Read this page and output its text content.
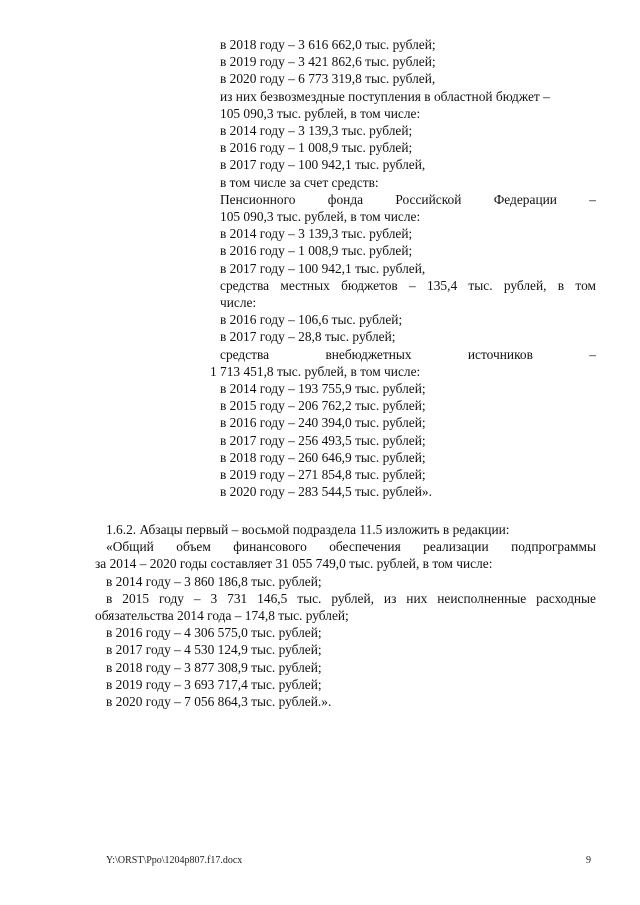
в 2018 году – 3 616 662,0 тыс. рублей;
в 2019 году – 3 421 862,6 тыс. рублей;
в 2020 году – 6 773 319,8 тыс. рублей,
из них безвозмездные поступления в областной бюджет –
105 090,3 тыс. рублей, в том числе:
в 2014 году – 3 139,3 тыс. рублей;
в 2016 году – 1 008,9 тыс. рублей;
в 2017 году – 100 942,1 тыс. рублей,
в том числе за счет средств:
Пенсионного фонда Российской Федерации –
105 090,3 тыс. рублей, в том числе:
в 2014 году – 3 139,3 тыс. рублей;
в 2016 году – 1 008,9 тыс. рублей;
в 2017 году – 100 942,1 тыс. рублей,
средства местных бюджетов – 135,4 тыс. рублей, в том
числе:
в 2016 году – 106,6 тыс. рублей;
в 2017 году – 28,8 тыс. рублей;
средства	внебюджетных	источников	–
1 713 451,8 тыс. рублей, в том числе:
в 2014 году – 193 755,9 тыс. рублей;
в 2015 году – 206 762,2 тыс. рублей;
в 2016 году – 240 394,0 тыс. рублей;
в 2017 году – 256 493,5 тыс. рублей;
в 2018 году – 260 646,9 тыс. рублей;
в 2019 году – 271 854,8 тыс. рублей;
в 2020 году – 283 544,5 тыс. рублей».
1.6.2. Абзацы первый – восьмой подраздела 11.5 изложить в редакции:
«Общий объем финансового обеспечения реализации подпрограммы
за 2014 – 2020 годы составляет 31 055 749,0 тыс. рублей, в том числе:
в 2014 году – 3 860 186,8 тыс. рублей;
в 2015 году – 3 731 146,5 тыс. рублей, из них неисполненные расходные
обязательства 2014 года – 174,8 тыс. рублей;
в 2016 году – 4 306 575,0 тыс. рублей;
в 2017 году – 4 530 124,9 тыс. рублей;
в 2018 году – 3 877 308,9 тыс. рублей;
в 2019 году – 3 693 717,4 тыс. рублей;
в 2020 году – 7 056 864,3 тыс. рублей.».
Y:\ORST\Ppo\1204p807.f17.docx	9
